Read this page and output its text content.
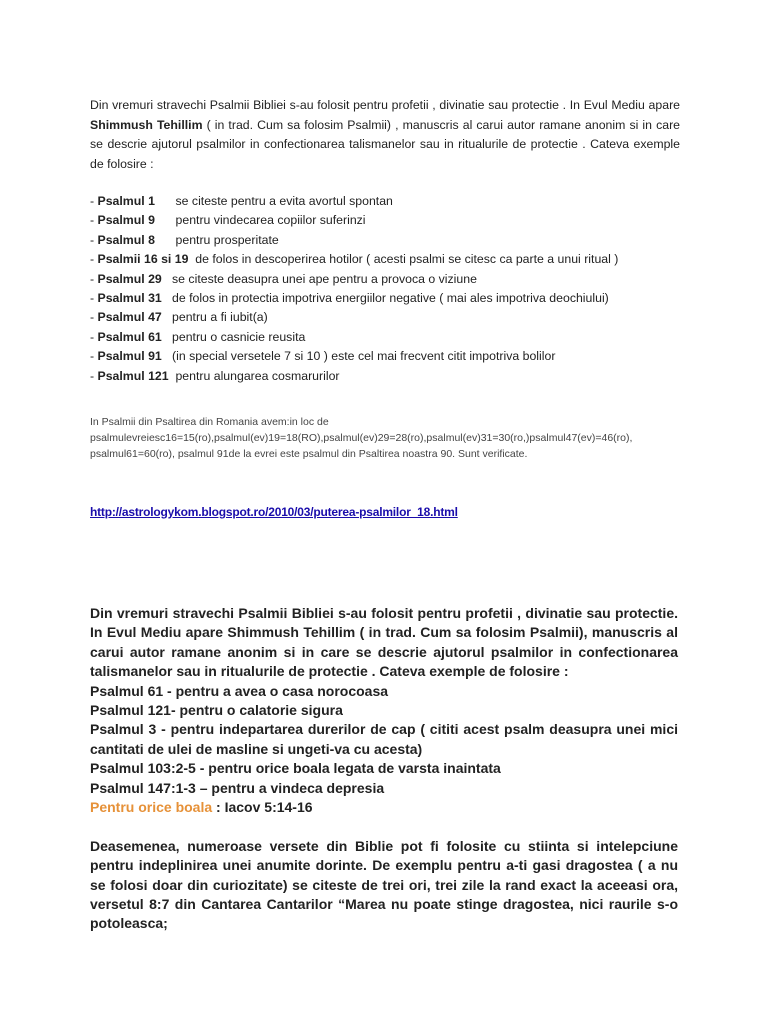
Din vremuri stravechi Psalmii Bibliei s-au folosit pentru profetii , divinatie sau protectie . In Evul Mediu apare Shimmush Tehillim ( in trad. Cum sa folosim Psalmii) , manuscris al carui autor ramane anonim si in care se descrie ajutorul psalmilor in confectionarea talismanelor sau in ritualurile de protectie . Cateva exemple de folosire :
- Psalmul 1 se citeste pentru a evita avortul spontan
- Psalmul 9 pentru vindecarea copiilor suferinzi
- Psalmul 8 pentru prosperitate
- Psalmii 16 si 19 de folos in descoperirea hotilor ( acesti psalmi se citesc ca parte a unui ritual )
- Psalmul 29 se citeste deasupra unei ape pentru a provoca o viziune
- Psalmul 31 de folos in protectia impotriva energiilor negative ( mai ales impotriva deochiului)
- Psalmul 47 pentru a fi iubit(a)
- Psalmul 61 pentru o casnicie reusita
- Psalmul 91 (in special versetele 7 si 10 ) este cel mai frecvent citit impotriva bolilor
- Psalmul 121 pentru alungarea cosmarurilor
In Psalmii din Psaltirea din Romania avem:in loc de psalmulevreiesc16=15(ro),psalmul(ev)19=18(RO),psalmul(ev)29=28(ro),psalmul(ev)31=30(ro,)psalmul47(ev)=46(ro), psalmul61=60(ro), psalmul 91de la evrei este psalmul din Psaltirea noastra 90. Sunt verificate.
http://astrologykom.blogspot.ro/2010/03/puterea-psalmilor_18.html
Din vremuri stravechi Psalmii Bibliei s-au folosit pentru profetii , divinatie sau protectie. In Evul Mediu apare Shimmush Tehillim ( in trad. Cum sa folosim Psalmii), manuscris al carui autor ramane anonim si in care se descrie ajutorul psalmilor in confectionarea talismanelor sau in ritualurile de protectie . Cateva exemple de folosire :
Psalmul 61 - pentru a avea o casa norocoasa
Psalmul 121- pentru o calatorie sigura
Psalmul 3 - pentru indepartarea durerilor de cap ( cititi acest psalm deasupra unei mici cantitati de ulei de masline si ungeti-va cu acesta)
Psalmul 103:2-5 - pentru orice boala legata de varsta inaintata
Psalmul 147:1-3 – pentru a vindeca depresia
Pentru orice boala : Iacov 5:14-16
Deasemenea, numeroase versete din Biblie pot fi folosite cu stiinta si intelepciune pentru indeplinirea unei anumite dorinte. De exemplu pentru a-ti gasi dragostea ( a nu se folosi doar din curiozitate) se citeste de trei ori, trei zile la rand exact la aceeasi ora, versetul 8:7 din Cantarea Cantarilor “Marea nu poate stinge dragostea, nici raurile s-o potoleasca;
